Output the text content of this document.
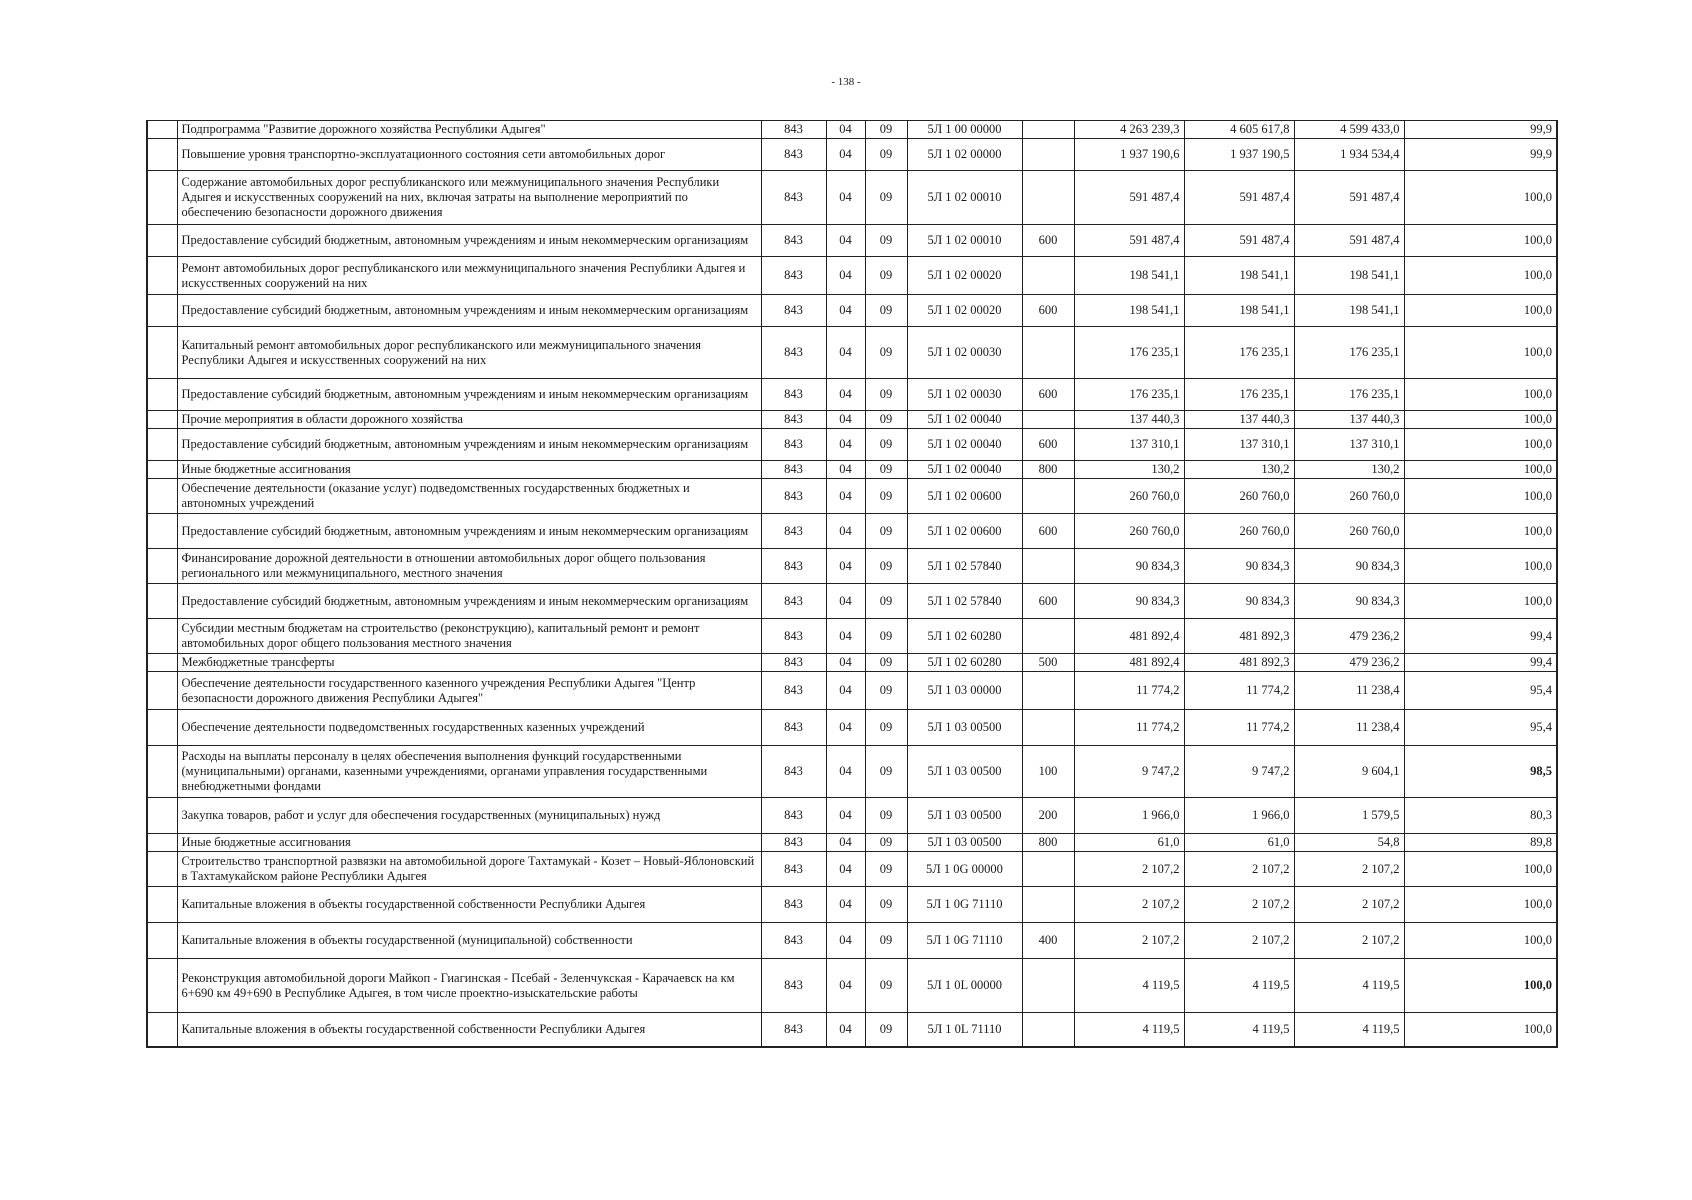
- 138 -
	Подпрограмма "Развитие дорожного хозяйства Республики Адыгея"	843	04	09	5Л 1 00 00000		4 263 239,3	4 605 617,8	4 599 433,0	99,9
	Повышение уровня транспортно-эксплуатационного состояния сети автомобильных дорог	843	04	09	5Л 1 02 00000		1 937 190,6	1 937 190,5	1 934 534,4	99,9
	Содержание автомобильных дорог республиканского или межмуниципального значения Республики Адыгея и искусственных сооружений на них, включая затраты на выполнение мероприятий по обеспечению безопасности дорожного движения	843	04	09	5Л 1 02 00010		591 487,4	591 487,4	591 487,4	100,0
	Предоставление субсидий бюджетным, автономным учреждениям и иным некоммерческим организациям	843	04	09	5Л 1 02 00010	600	591 487,4	591 487,4	591 487,4	100,0
	Ремонт автомобильных дорог республиканского или межмуниципального значения Республики Адыгея и искусственных сооружений на них	843	04	09	5Л 1 02 00020		198 541,1	198 541,1	198 541,1	100,0
	Предоставление субсидий бюджетным, автономным учреждениям и иным некоммерческим организациям	843	04	09	5Л 1 02 00020	600	198 541,1	198 541,1	198 541,1	100,0
	Капитальный ремонт автомобильных дорог республиканского или межмуниципального значения Республики Адыгея и искусственных сооружений на них	843	04	09	5Л 1 02 00030		176 235,1	176 235,1	176 235,1	100,0
	Предоставление субсидий бюджетным, автономным учреждениям и иным некоммерческим организациям	843	04	09	5Л 1 02 00030	600	176 235,1	176 235,1	176 235,1	100,0
	Прочие мероприятия в области дорожного хозяйства	843	04	09	5Л 1 02 00040		137 440,3	137 440,3	137 440,3	100,0
	Предоставление субсидий бюджетным, автономным учреждениям и иным некоммерческим организациям	843	04	09	5Л 1 02 00040	600	137 310,1	137 310,1	137 310,1	100,0
	Иные бюджетные ассигнования	843	04	09	5Л 1 02 00040	800	130,2	130,2	130,2	100,0
	Обеспечение деятельности (оказание услуг) подведомственных государственных бюджетных и автономных учреждений	843	04	09	5Л 1 02 00600		260 760,0	260 760,0	260 760,0	100,0
	Предоставление субсидий бюджетным, автономным учреждениям и иным некоммерческим организациям	843	04	09	5Л 1 02 00600	600	260 760,0	260 760,0	260 760,0	100,0
	Финансирование дорожной деятельности в отношении автомобильных дорог общего пользования регионального или межмуниципального, местного значения	843	04	09	5Л 1 02 57840		90 834,3	90 834,3	90 834,3	100,0
	Предоставление субсидий бюджетным, автономным учреждениям и иным некоммерческим организациям	843	04	09	5Л 1 02 57840	600	90 834,3	90 834,3	90 834,3	100,0
	Субсидии местным бюджетам на строительство (реконструкцию), капитальный ремонт и ремонт автомобильных дорог общего пользования местного значения	843	04	09	5Л 1 02 60280		481 892,4	481 892,3	479 236,2	99,4
	Межбюджетные трансферты	843	04	09	5Л 1 02 60280	500	481 892,4	481 892,3	479 236,2	99,4
	Обеспечение деятельности государственного казенного учреждения Республики Адыгея "Центр безопасности дорожного движения Республики Адыгея"	843	04	09	5Л 1 03 00000		11 774,2	11 774,2	11 238,4	95,4
	Обеспечение деятельности подведомственных государственных казенных учреждений	843	04	09	5Л 1 03 00500		11 774,2	11 774,2	11 238,4	95,4
	Расходы на выплаты персоналу в целях обеспечения выполнения функций государственными (муниципальными) органами, казенными учреждениями, органами управления государственными внебюджетными фондами	843	04	09	5Л 1 03 00500	100	9 747,2	9 747,2	9 604,1	98,5
	Закупка товаров, работ и услуг для обеспечения государственных (муниципальных) нужд	843	04	09	5Л 1 03 00500	200	1 966,0	1 966,0	1 579,5	80,3
	Иные бюджетные ассигнования	843	04	09	5Л 1 03 00500	800	61,0	61,0	54,8	89,8
	Строительство транспортной развязки на автомобильной дороге Тахтамукай - Козет – Новый-Яблоновский в Тахтамукайском районе Республики Адыгея	843	04	09	5Л 1 0G 00000		2 107,2	2 107,2	2 107,2	100,0
	Капитальные вложения в объекты государственной собственности Республики Адыгея	843	04	09	5Л 1 0G 71110		2 107,2	2 107,2	2 107,2	100,0
	Капитальные вложения в объекты государственной (муниципальной) собственности	843	04	09	5Л 1 0G 71110	400	2 107,2	2 107,2	2 107,2	100,0
	Реконструкция автомобильной дороги Майкоп - Гиагинская - Псебай - Зеленчукская - Карачаевск на км 6+690 км 49+690 в Республике Адыгея, в том числе проектно-изыскательские работы	843	04	09	5Л 1 0L 00000		4 119,5	4 119,5	4 119,5	100,0
	Капитальные вложения в объекты государственной собственности Республики Адыгея	843	04	09	5Л 1 0L 71110		4 119,5	4 119,5	4 119,5	100,0
